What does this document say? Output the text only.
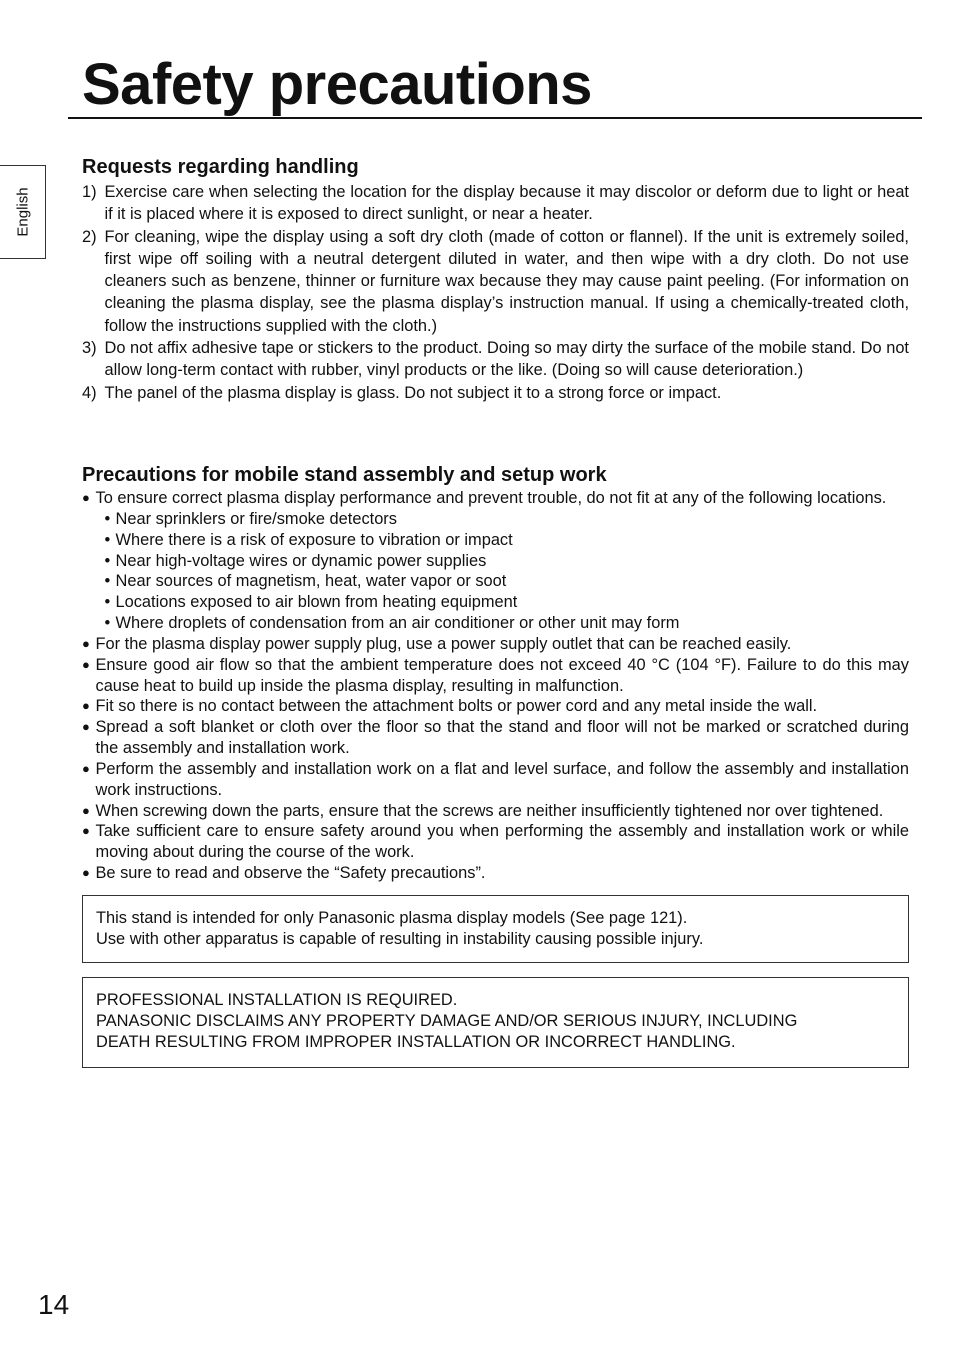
Safety precautions
English
Requests regarding handling
1) Exercise care when selecting the location for the display because it may discolor or deform due to light or heat if it is placed where it is exposed to direct sunlight, or near a heater.
2) For cleaning, wipe the display using a soft dry cloth (made of cotton or flannel). If the unit is extremely soiled, first wipe off soiling with a neutral detergent diluted in water, and then wipe with a dry cloth. Do not use cleaners such as benzene, thinner or furniture wax because they may cause paint peeling. (For information on cleaning the plasma display, see the plasma display’s instruction manual. If using a chemically-treated cloth, follow the instructions supplied with the cloth.)
3) Do not affix adhesive tape or stickers to the product. Doing so may dirty the surface of the mobile stand. Do not allow long-term contact with rubber, vinyl products or the like. (Doing so will cause deterioration.)
4) The panel of the plasma display is glass. Do not subject it to a strong force or impact.
Precautions for mobile stand assembly and setup work
● To ensure correct plasma display performance and prevent trouble, do not fit at any of the following locations.
• Near sprinklers or fire/smoke detectors
• Where there is a risk of exposure to vibration or impact
• Near high-voltage wires or dynamic power supplies
• Near sources of magnetism, heat, water vapor or soot
• Locations exposed to air blown from heating equipment
• Where droplets of condensation from an air conditioner or other unit may form
● For the plasma display power supply plug, use a power supply outlet that can be reached easily.
● Ensure good air flow so that the ambient temperature does not exceed 40 °C (104 °F). Failure to do this may cause heat to build up inside the plasma display, resulting in malfunction.
● Fit so there is no contact between the attachment bolts or power cord and any metal inside the wall.
● Spread a soft blanket or cloth over the floor so that the stand and floor will not be marked or scratched during the assembly and installation work.
● Perform the assembly and installation work on a flat and level surface, and follow the assembly and installation work instructions.
● When screwing down the parts, ensure that the screws are neither insufficiently tightened nor over tightened.
● Take sufficient care to ensure safety around you when performing the assembly and installation work or while moving about during the course of the work.
● Be sure to read and observe the “Safety precautions”.

This stand is intended for only Panasonic plasma display models (See page 121).

Use with other apparatus is capable of resulting in instability causing possible injury.

PROFESSIONAL INSTALLATION IS REQUIRED.

PANASONIC DISCLAIMS ANY PROPERTY DAMAGE AND/OR SERIOUS INJURY, INCLUDING

DEATH RESULTING FROM IMPROPER INSTALLATION OR INCORRECT HANDLING.

14
